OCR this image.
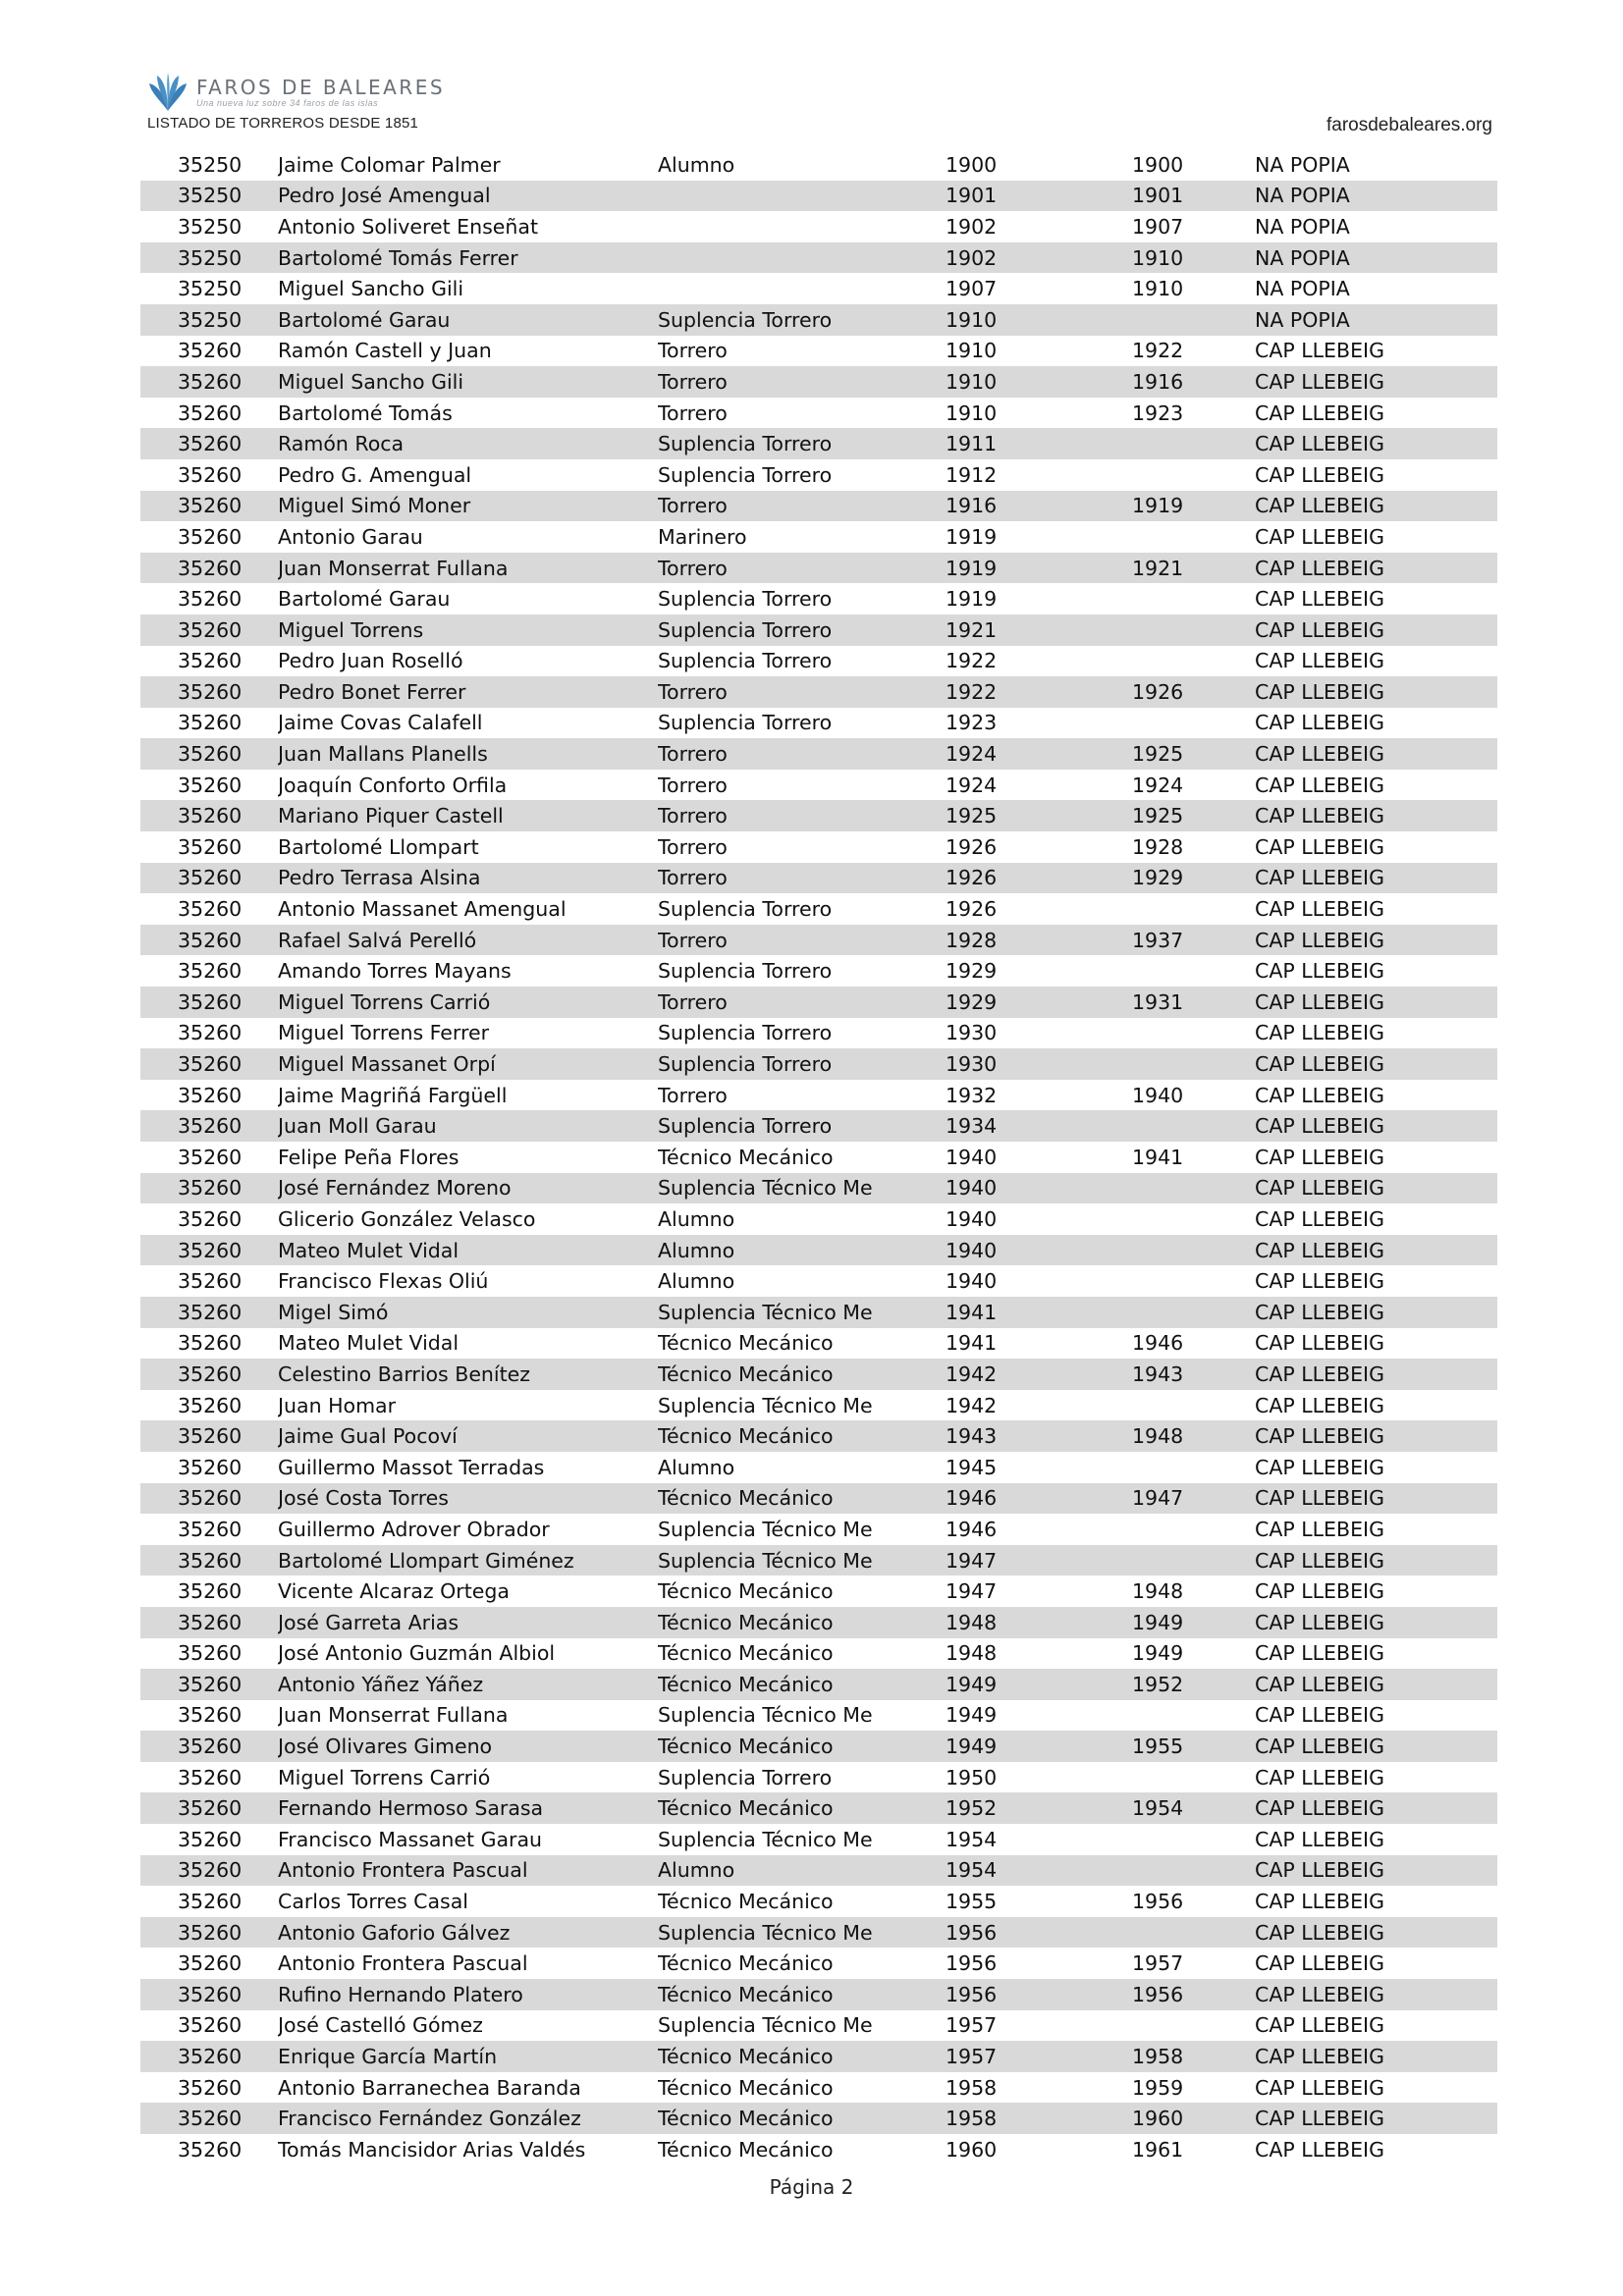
FAROS DE BALEARES
Una nueva luz sobre 34 faros de las islas
LISTADO DE TORREROS DESDE 1851	farosdebaleares.org
35250	Jaime Colomar Palmer	Alumno	1900	1900	NA POPIA
35250	Pedro José Amengual		1901	1901	NA POPIA
35250	Antonio Soliveret Enseñat		1902	1907	NA POPIA
35250	Bartolomé Tomás Ferrer		1902	1910	NA POPIA
35250	Miguel Sancho Gili		1907	1910	NA POPIA
35250	Bartolomé Garau	Suplencia Torrero	1910		NA POPIA
35260	Ramón Castell y Juan	Torrero	1910	1922	CAP LLEBEIG
35260	Miguel Sancho Gili	Torrero	1910	1916	CAP LLEBEIG
35260	Bartolomé Tomás	Torrero	1910	1923	CAP LLEBEIG
35260	Ramón Roca	Suplencia Torrero	1911		CAP LLEBEIG
35260	Pedro G. Amengual	Suplencia Torrero	1912		CAP LLEBEIG
35260	Miguel Simó Moner	Torrero	1916	1919	CAP LLEBEIG
35260	Antonio Garau	Marinero	1919		CAP LLEBEIG
35260	Juan Monserrat Fullana	Torrero	1919	1921	CAP LLEBEIG
35260	Bartolomé Garau	Suplencia Torrero	1919		CAP LLEBEIG
35260	Miguel Torrens	Suplencia Torrero	1921		CAP LLEBEIG
35260	Pedro Juan Roselló	Suplencia Torrero	1922		CAP LLEBEIG
35260	Pedro Bonet Ferrer	Torrero	1922	1926	CAP LLEBEIG
35260	Jaime Covas Calafell	Suplencia Torrero	1923		CAP LLEBEIG
35260	Juan Mallans Planells	Torrero	1924	1925	CAP LLEBEIG
35260	Joaquín Conforto Orfila	Torrero	1924	1924	CAP LLEBEIG
35260	Mariano Piquer Castell	Torrero	1925	1925	CAP LLEBEIG
35260	Bartolomé Llompart	Torrero	1926	1928	CAP LLEBEIG
35260	Pedro Terrasa Alsina	Torrero	1926	1929	CAP LLEBEIG
35260	Antonio Massanet Amengual	Suplencia Torrero	1926		CAP LLEBEIG
35260	Rafael Salvá Perelló	Torrero	1928	1937	CAP LLEBEIG
35260	Amando Torres Mayans	Suplencia Torrero	1929		CAP LLEBEIG
35260	Miguel Torrens Carrió	Torrero	1929	1931	CAP LLEBEIG
35260	Miguel Torrens Ferrer	Suplencia Torrero	1930		CAP LLEBEIG
35260	Miguel Massanet Orpí	Suplencia Torrero	1930		CAP LLEBEIG
35260	Jaime Magriñá Fargüell	Torrero	1932	1940	CAP LLEBEIG
35260	Juan Moll Garau	Suplencia Torrero	1934		CAP LLEBEIG
35260	Felipe Peña Flores	Técnico Mecánico	1940	1941	CAP LLEBEIG
35260	José Fernández Moreno	Suplencia Técnico Me	1940		CAP LLEBEIG
35260	Glicerio González Velasco	Alumno	1940		CAP LLEBEIG
35260	Mateo Mulet Vidal	Alumno	1940		CAP LLEBEIG
35260	Francisco Flexas Oliú	Alumno	1940		CAP LLEBEIG
35260	Migel Simó	Suplencia Técnico Me	1941		CAP LLEBEIG
35260	Mateo Mulet Vidal	Técnico Mecánico	1941	1946	CAP LLEBEIG
35260	Celestino Barrios Benítez	Técnico Mecánico	1942	1943	CAP LLEBEIG
35260	Juan Homar	Suplencia Técnico Me	1942		CAP LLEBEIG
35260	Jaime Gual Pocoví	Técnico Mecánico	1943	1948	CAP LLEBEIG
35260	Guillermo Massot Terradas	Alumno	1945		CAP LLEBEIG
35260	José Costa Torres	Técnico Mecánico	1946	1947	CAP LLEBEIG
35260	Guillermo Adrover Obrador	Suplencia Técnico Me	1946		CAP LLEBEIG
35260	Bartolomé Llompart Giménez	Suplencia Técnico Me	1947		CAP LLEBEIG
35260	Vicente Alcaraz Ortega	Técnico Mecánico	1947	1948	CAP LLEBEIG
35260	José Garreta Arias	Técnico Mecánico	1948	1949	CAP LLEBEIG
35260	José Antonio Guzmán Albiol	Técnico Mecánico	1948	1949	CAP LLEBEIG
35260	Antonio Yáñez Yáñez	Técnico Mecánico	1949	1952	CAP LLEBEIG
35260	Juan Monserrat Fullana	Suplencia Técnico Me	1949		CAP LLEBEIG
35260	José Olivares Gimeno	Técnico Mecánico	1949	1955	CAP LLEBEIG
35260	Miguel Torrens Carrió	Suplencia Torrero	1950		CAP LLEBEIG
35260	Fernando Hermoso Sarasa	Técnico Mecánico	1952	1954	CAP LLEBEIG
35260	Francisco Massanet Garau	Suplencia Técnico Me	1954		CAP LLEBEIG
35260	Antonio Frontera Pascual	Alumno	1954		CAP LLEBEIG
35260	Carlos Torres Casal	Técnico Mecánico	1955	1956	CAP LLEBEIG
35260	Antonio Gaforio Gálvez	Suplencia Técnico Me	1956		CAP LLEBEIG
35260	Antonio Frontera Pascual	Técnico Mecánico	1956	1957	CAP LLEBEIG
35260	Rufino Hernando Platero	Técnico Mecánico	1956	1956	CAP LLEBEIG
35260	José Castelló Gómez	Suplencia Técnico Me	1957		CAP LLEBEIG
35260	Enrique García Martín	Técnico Mecánico	1957	1958	CAP LLEBEIG
35260	Antonio Barranechea Baranda	Técnico Mecánico	1958	1959	CAP LLEBEIG
35260	Francisco Fernández González	Técnico Mecánico	1958	1960	CAP LLEBEIG
35260	Tomás Mancisidor Arias Valdés	Técnico Mecánico	1960	1961	CAP LLEBEIG
Página 2
